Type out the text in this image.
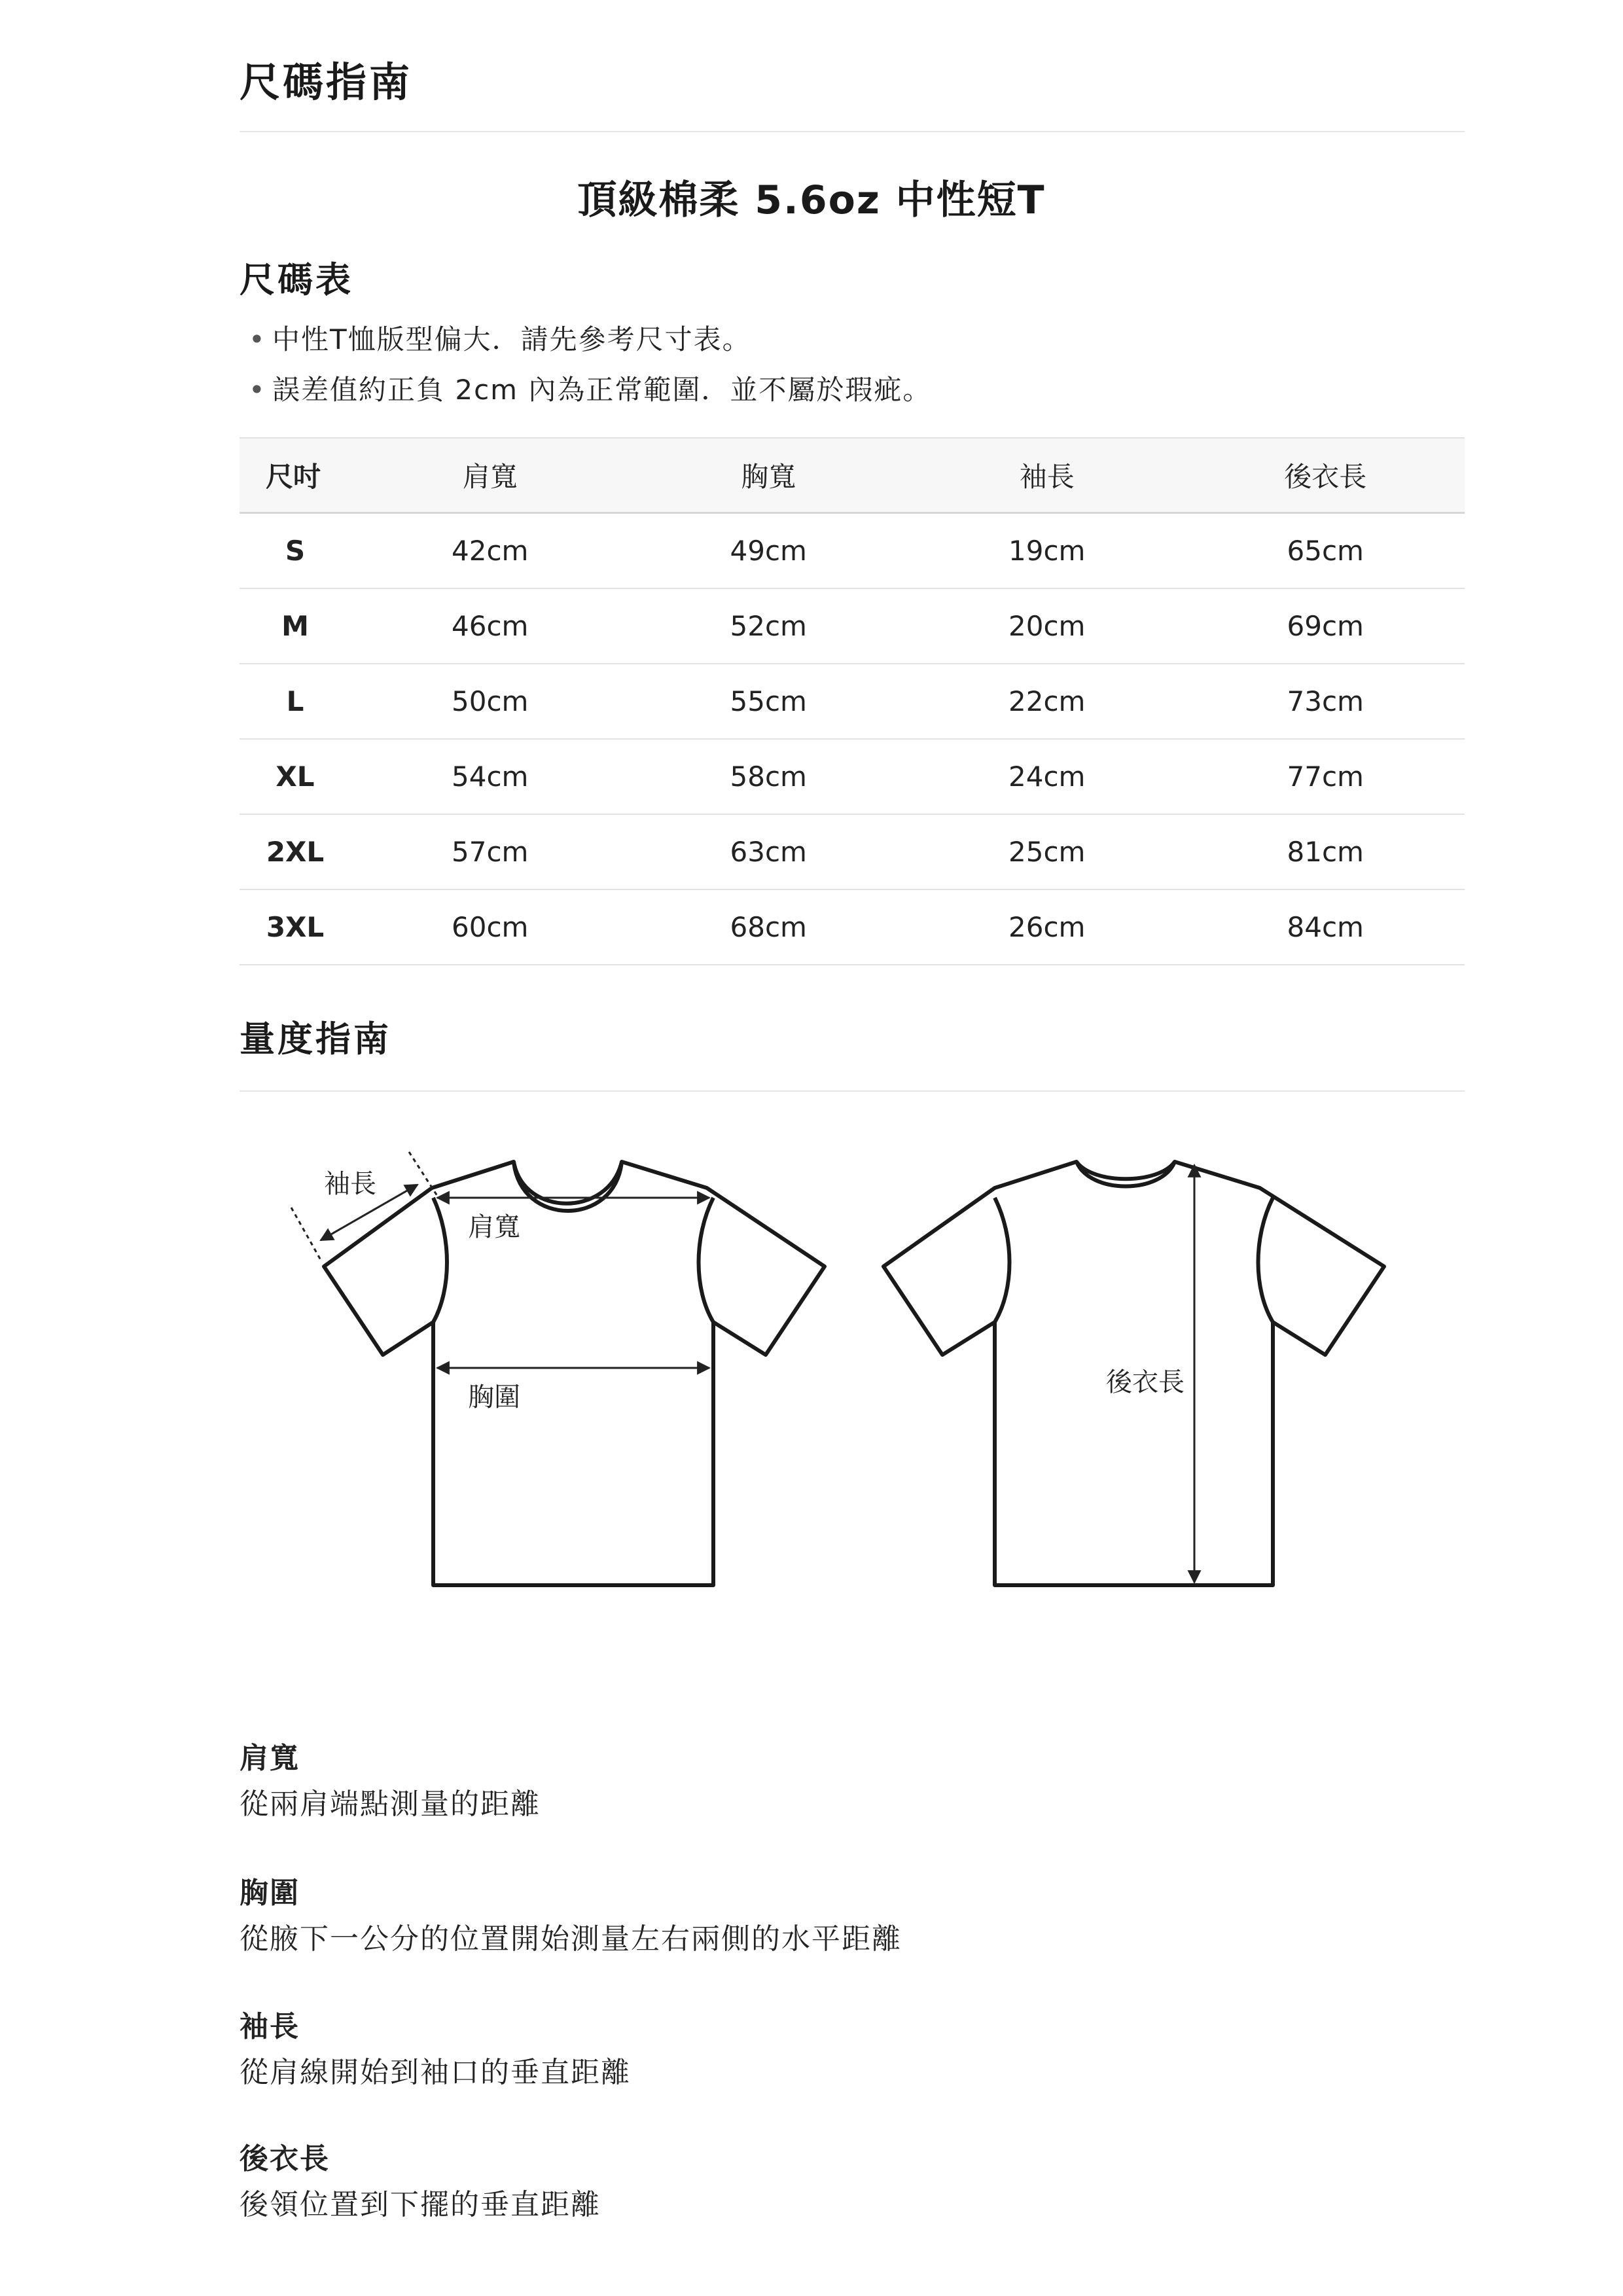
尺碼指南
頂級棉柔 5.6oz 中性短T
尺碼表
• 中性T恤版型偏大．請先參考尺寸表。
• 誤差值約正負 2cm 內為正常範圍．並不屬於瑕疵。
尺吋	肩寬	胸寬	袖長	後衣長
S	42cm	49cm	19cm	65cm
M	46cm	52cm	20cm	69cm
L	50cm	55cm	22cm	73cm
XL	54cm	58cm	24cm	77cm
2XL	57cm	63cm	25cm	81cm
3XL	60cm	68cm	26cm	84cm
量度指南
袖長
肩寬
胸圍	後衣長
肩寬
從兩肩端點測量的距離
胸圍
從腋下一公分的位置開始測量左右兩側的水平距離
袖長
從肩線開始到袖口的垂直距離
後衣長
後領位置到下擺的垂直距離
